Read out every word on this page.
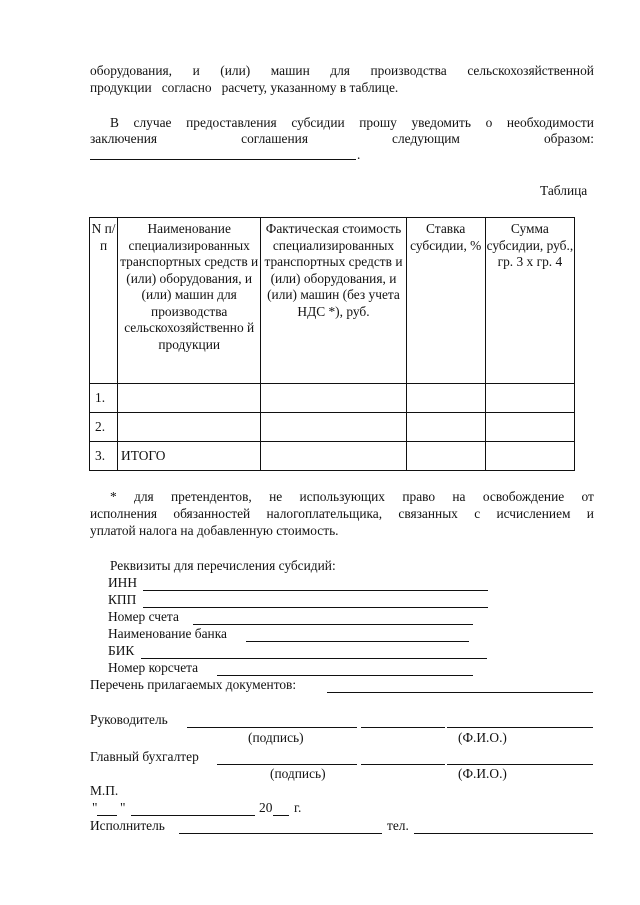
оборудования, и (или) машин для производства сельскохозяйственной
продукции   согласно   расчету, указанному в таблице.
В случае предоставления субсидии прошу уведомить о необходимости
заключения	соглашения	следующим	образом:
.
Таблица
N п/п	Наименование специализированных транспортных средств и (или) оборудования, и (или) машин для производства сельскохозяйственно й продукции	Фактическая стоимость специализированных транспортных средств и (или) оборудования, и (или) машин (без учета НДС *), руб.	Ставка субсидии, %	Сумма субсидии, руб., гр. 3 x гр. 4
1.				
2.				
3.	ИТОГО			
* для претендентов, не использующих право на освобождение от
исполнения обязанностей налогоплательщика, связанных с исчислением и
уплатой налога на добавленную стоимость.
Реквизиты для перечисления субсидий:
ИНН
КПП
Номер счета
Наименование банка
БИК
Номер корсчета
Перечень прилагаемых документов:
Руководитель
(подпись)	(Ф.И.О.)
Главный бухгалтер
(подпись)	(Ф.И.О.)
М.П.
" "	20 г.
Исполнитель	тел.
